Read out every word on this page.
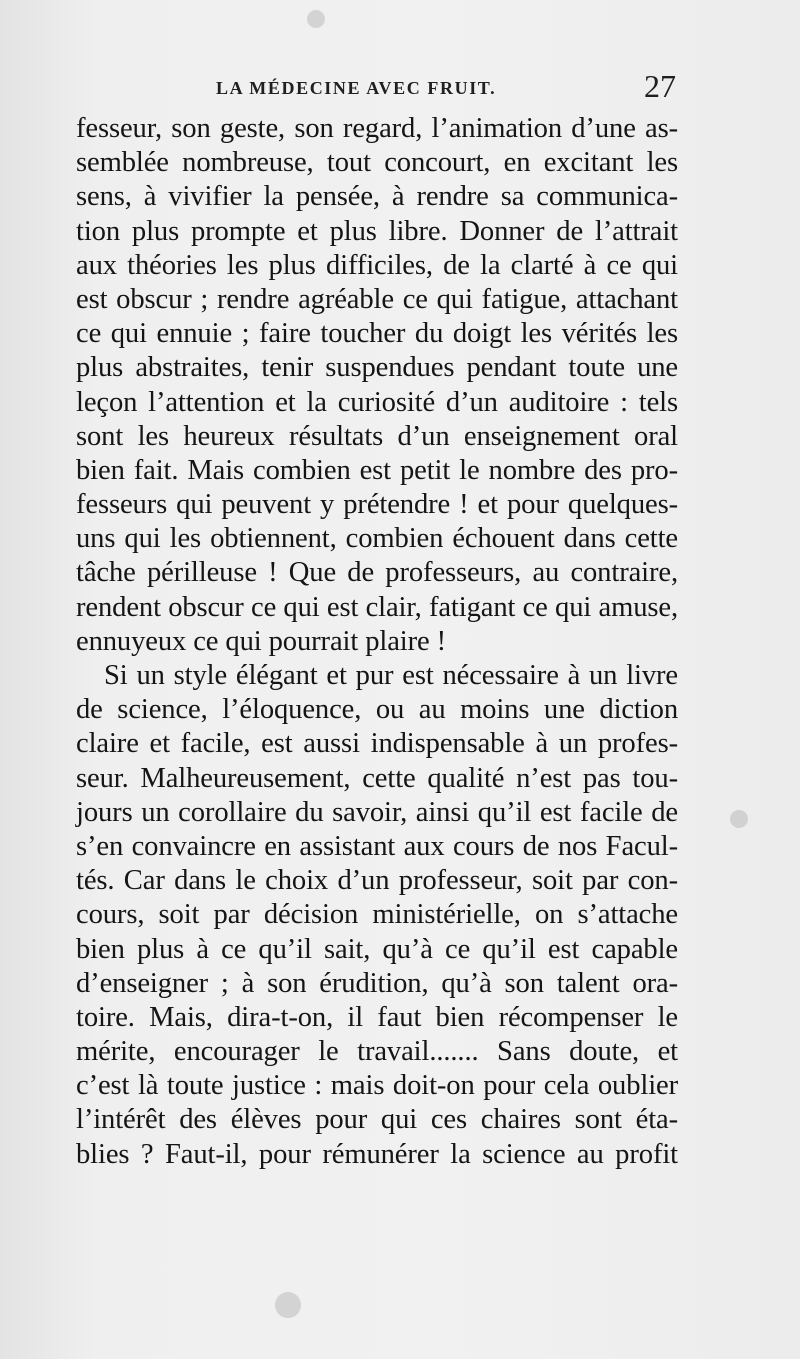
LA MÉDECINE AVEC FRUIT.	27
fesseur, son geste, son regard, l’animation d’une as-
semblée nombreuse, tout concourt, en excitant les
sens, à vivifier la pensée, à rendre sa communica-
tion plus prompte et plus libre. Donner de l’attrait
aux théories les plus difficiles, de la clarté à ce qui
est obscur ; rendre agréable ce qui fatigue, attachant
ce qui ennuie ; faire toucher du doigt les vérités les
plus abstraites, tenir suspendues pendant toute une
leçon l’attention et la curiosité d’un auditoire : tels
sont les heureux résultats d’un enseignement oral
bien fait. Mais combien est petit le nombre des pro-
fesseurs qui peuvent y prétendre ! et pour quelques-
uns qui les obtiennent, combien échouent dans cette
tâche périlleuse ! Que de professeurs, au contraire,
rendent obscur ce qui est clair, fatigant ce qui amuse,
ennuyeux ce qui pourrait plaire !
Si un style élégant et pur est nécessaire à un livre
de science, l’éloquence, ou au moins une diction
claire et facile, est aussi indispensable à un profes-
seur. Malheureusement, cette qualité n’est pas tou-
jours un corollaire du savoir, ainsi qu’il est facile de
s’en convaincre en assistant aux cours de nos Facul-
tés. Car dans le choix d’un professeur, soit par con-
cours, soit par décision ministérielle, on s’attache
bien plus à ce qu’il sait, qu’à ce qu’il est capable
d’enseigner ; à son érudition, qu’à son talent ora-
toire. Mais, dira-t-on, il faut bien récompenser le
mérite, encourager le travail....... Sans doute, et
c’est là toute justice : mais doit-on pour cela oublier
l’intérêt des élèves pour qui ces chaires sont éta-
blies ? Faut-il, pour rémunérer la science au profit
